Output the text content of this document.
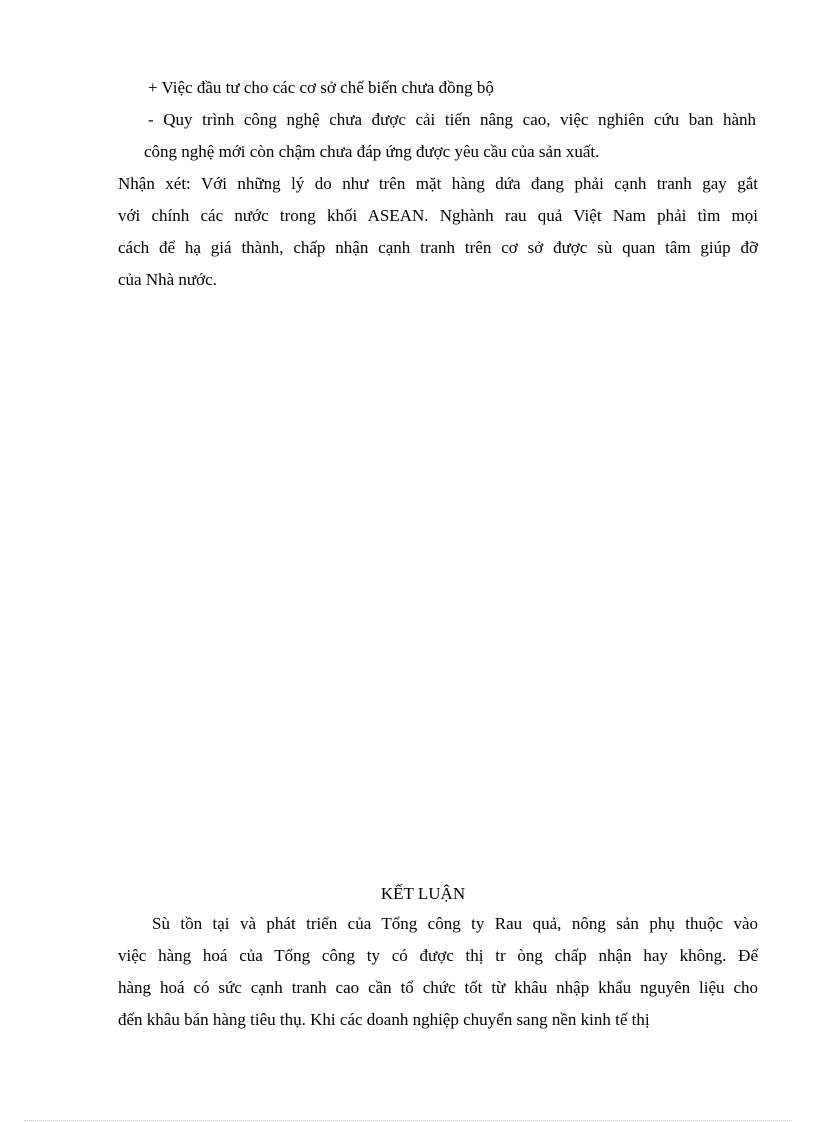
+ Việc đầu tư cho các cơ sở chế biến chưa đồng bộ
- Quy trình công nghệ chưa được cải tiến nâng cao, việc nghiên cứu ban hành
công nghệ mới còn chậm chưa đáp ứng được yêu cầu của sản xuất.
Nhận xét: Với những lý do như trên mặt hàng dứa đang phải cạnh tranh gay gắt
với chính các nước trong khối ASEAN. Nghành rau quả Việt Nam phải tìm mọi
cách để hạ giá thành, chấp nhận cạnh tranh trên cơ sở được sù quan tâm giúp đỡ
của Nhà nước.
KẾT LUẬN
Sù tồn tại và phát triển của Tổng công ty Rau quả, nông sản phụ thuộc vào
việc hàng hoá của Tổng công ty có được thị tr òng chấp nhận hay không. Để
hàng hoá có sức cạnh tranh cao cần tổ chức tốt từ khâu nhập khẩu nguyên liệu cho
đến khâu bán hàng tiêu thụ. Khi các doanh nghiệp chuyển sang nền kinh tế thị
